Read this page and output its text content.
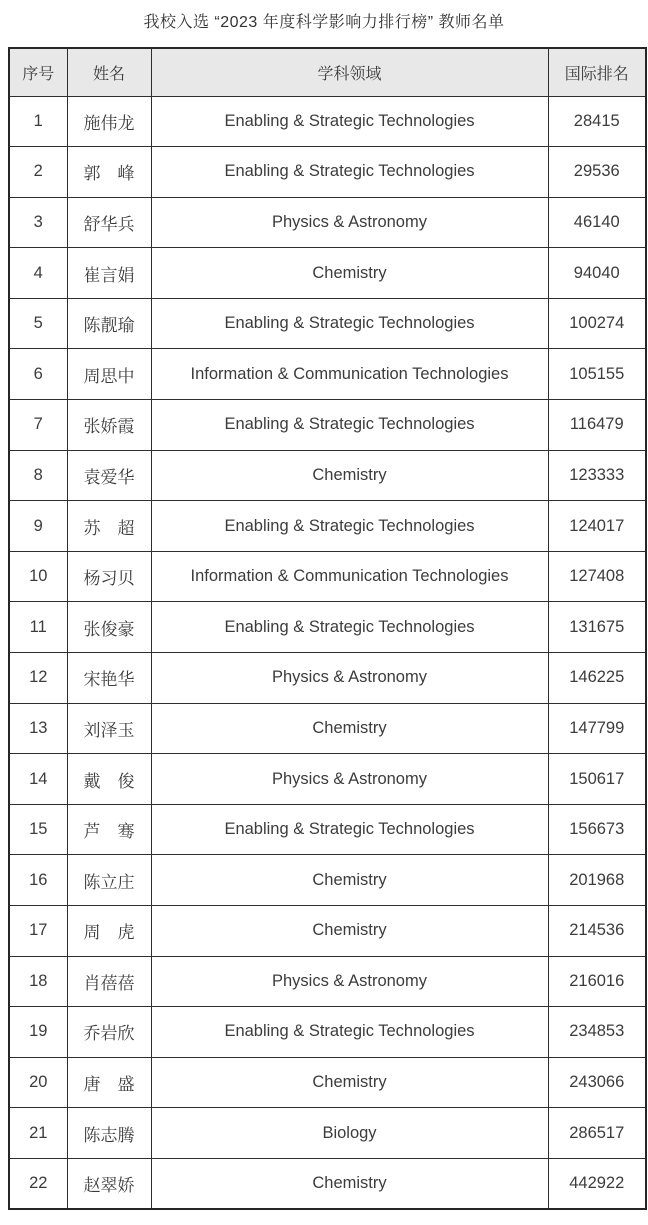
我校入选 “2023 年度科学影响力排行榜” 教师名单
序号	姓名	学科领域	国际排名
1	施伟龙	Enabling & Strategic Technologies	28415
2	郭　峰	Enabling & Strategic Technologies	29536
3	舒华兵	Physics & Astronomy	46140
4	崔言娟	Chemistry	94040
5	陈靓瑜	Enabling & Strategic Technologies	100274
6	周思中	Information & Communication Technologies	105155
7	张娇霞	Enabling & Strategic Technologies	116479
8	袁爱华	Chemistry	123333
9	苏　超	Enabling & Strategic Technologies	124017
10	杨习贝	Information & Communication Technologies	127408
11	张俊豪	Enabling & Strategic Technologies	131675
12	宋艳华	Physics & Astronomy	146225
13	刘泽玉	Chemistry	147799
14	戴　俊	Physics & Astronomy	150617
15	芦　骞	Enabling & Strategic Technologies	156673
16	陈立庄	Chemistry	201968
17	周　虎	Chemistry	214536
18	肖蓓蓓	Physics & Astronomy	216016
19	乔岩欣	Enabling & Strategic Technologies	234853
20	唐　盛	Chemistry	243066
21	陈志腾	Biology	286517
22	赵翠娇	Chemistry	442922
